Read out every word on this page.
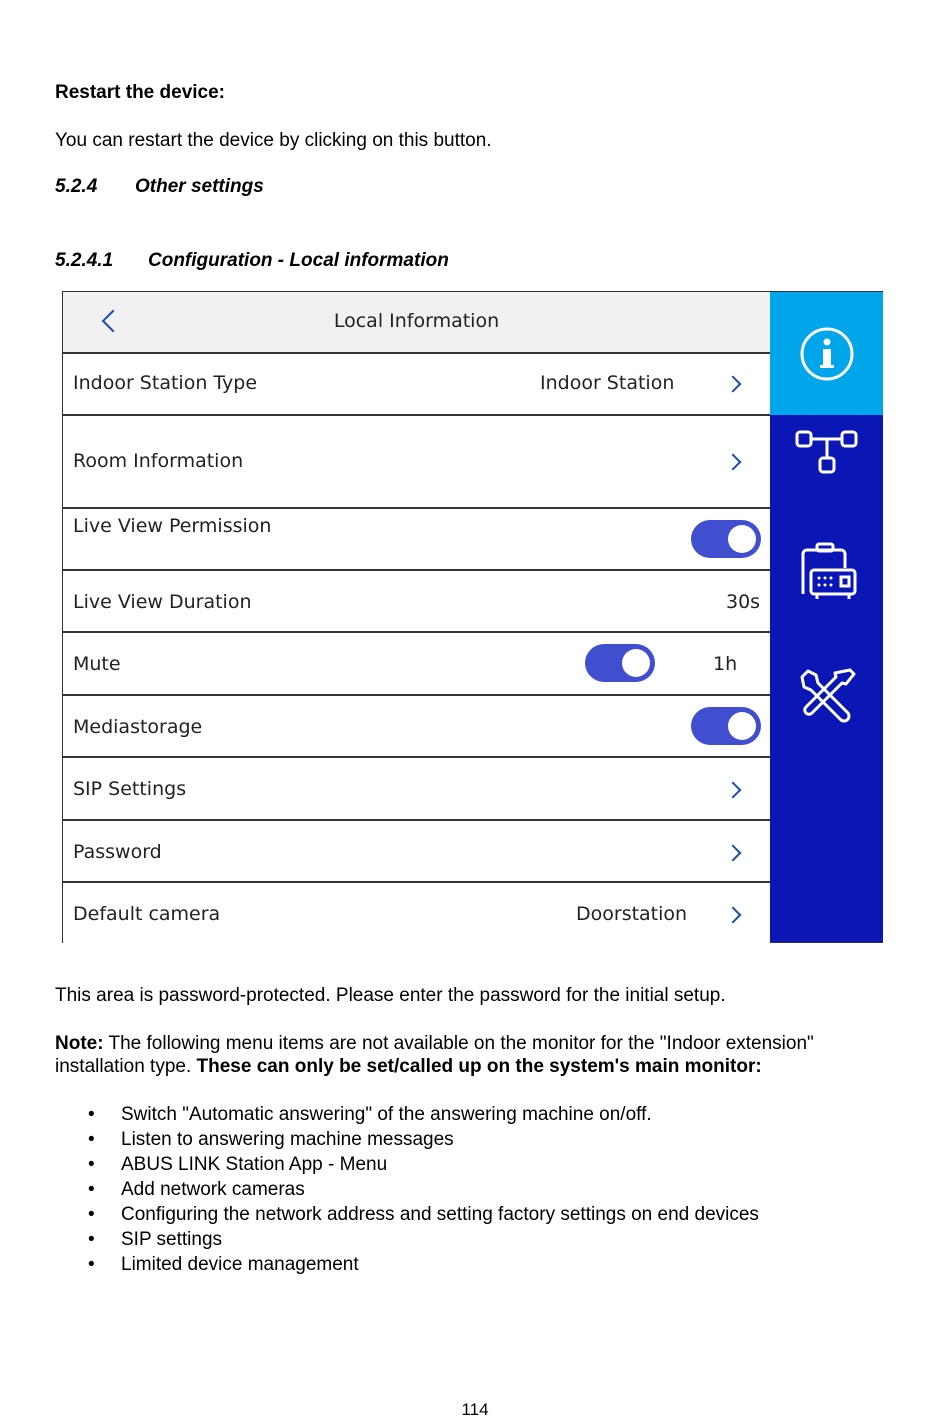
Restart the device:
You can restart the device by clicking on this button.
5.2.4 Other settings
5.2.4.1 Configuration - Local information
Local Information
Indoor Station Type	Indoor Station
Room Information
Live View Permission
Live View Duration	30s
Mute	1h
Mediastorage
SIP Settings
Password
Default camera	Doorstation
This area is password-protected. Please enter the password for the initial setup.
Note: The following menu items are not available on the monitor for the "Indoor extension" installation type. These can only be set/called up on the system's main monitor:
• Switch "Automatic answering" of the answering machine on/off.
• Listen to answering machine messages
• ABUS LINK Station App - Menu
• Add network cameras
• Configuring the network address and setting factory settings on end devices
• SIP settings
• Limited device management
114
